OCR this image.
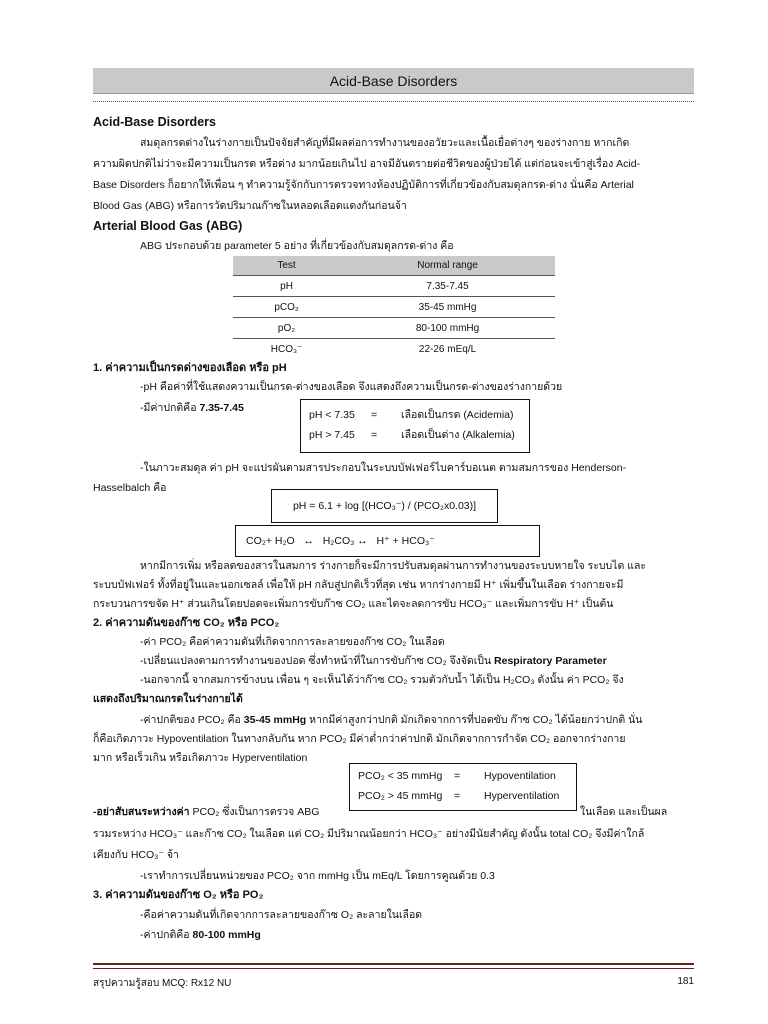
Acid-Base Disorders
Acid-Base Disorders
สมดุลกรดด่างในร่างกายเป็นปัจจัยสำคัญที่มีผลต่อการทำงานของอวัยวะและเนื้อเยื่อต่างๆ ของร่างกาย หากเกิด
ความผิดปกติไม่ว่าจะมีความเป็นกรด หรือด่าง มากน้อยเกินไป อาจมีอันตรายต่อชีวิตของผู้ป่วยได้ แต่ก่อนจะเข้าสู่เรื่อง Acid-
Base Disorders ก็อยากให้เพื่อน ๆ ทำความรู้จักกับการตรวจทางห้องปฏิบัติการที่เกี่ยวข้องกับสมดุลกรด-ด่าง นั่นคือ Arterial
Blood Gas (ABG) หรือการวัดปริมาณก๊าซในหลอดเลือดแดงกันก่อนจ้า
Arterial Blood Gas (ABG)
ABG ประกอบด้วย parameter 5 อย่าง ที่เกี่ยวข้องกับสมดุลกรด-ด่าง คือ
Test	Normal range
pH	7.35-7.45
pCO₂	35-45 mmHg
pO₂	80-100 mmHg
HCO₃⁻	22-26 mEq/L
1. ค่าความเป็นกรดด่างของเลือด หรือ pH
-pH คือค่าที่ใช้แสดงความเป็นกรด-ด่างของเลือด จึงแสดงถึงความเป็นกรด-ด่างของร่างกายด้วย
-มีค่าปกติคือ 7.35-7.45
pH < 7.35	=	เลือดเป็นกรด (Acidemia)
pH > 7.45	=	เลือดเป็นด่าง (Alkalemia)
-ในภาวะสมดุล ค่า pH จะแปรผันตามสารประกอบในระบบบัฟเฟอร์ไบคาร์บอเนต ตามสมการของ Henderson-
Hasselbalch คือ
pH = 6.1 + log [(HCO₃⁻) / (PCO₂x0.03)]
CO₂+ H₂O   ↔   H₂CO₃ ↔   H⁺ + HCO₃⁻
หากมีการเพิ่ม หรือลดของสารในสมการ ร่างกายก็จะมีการปรับสมดุลผ่านการทำงานของระบบหายใจ ระบบไต และ
ระบบบัฟเฟอร์ ทั้งที่อยู่ในและนอกเซลล์ เพื่อให้ pH กลับสู่ปกติเร็วที่สุด เช่น หากร่างกายมี H⁺ เพิ่มขึ้นในเลือด ร่างกายจะมี
กระบวนการขจัด H⁺ ส่วนเกินโดยปอดจะเพิ่มการขับก๊าซ CO₂ และไตจะลดการขับ HCO₃⁻ และเพิ่มการขับ H⁺ เป็นต้น
2. ค่าความดันของก๊าซ CO₂ หรือ PCO₂
-ค่า PCO₂ คือค่าความดันที่เกิดจากการละลายของก๊าซ CO₂ ในเลือด
-เปลี่ยนแปลงตามการทำงานของปอด ซึ่งทำหน้าที่ในการขับก๊าซ CO₂ จึงจัดเป็น Respiratory Parameter
-นอกจากนี้ จากสมการข้างบน เพื่อน ๆ จะเห็นได้ว่าก๊าซ CO₂ รวมตัวกับน้ำ ได้เป็น H₂CO₃ ดังนั้น ค่า PCO₂ จึง
แสดงถึงปริมาณกรดในร่างกายได้
-ค่าปกติของ PCO₂ คือ 35-45 mmHg หากมีค่าสูงกว่าปกติ มักเกิดจากการที่ปอดขับ ก๊าซ CO₂ ได้น้อยกว่าปกติ นั่น
ก็คือเกิดภาวะ Hypoventilation ในทางกลับกัน หาก PCO₂ มีค่าต่ำกว่าค่าปกติ มักเกิดจากการกำจัด CO₂ ออกจากร่างกาย
มาก หรือเร็วเกิน หรือเกิดภาวะ Hyperventilation
PCO₂ < 35 mmHg	=	Hypoventilation
PCO₂ > 45 mmHg	=	Hyperventilation
-อย่าสับสนระหว่างค่า PCO₂ ซึ่งเป็นการตรวจ ABG	ในเลือด และเป็นผล
รวมระหว่าง HCO₃⁻ และก๊าซ CO₂ ในเลือด แต่ CO₂ มีปริมาณน้อยกว่า HCO₃⁻ อย่างมีนัยสำคัญ ดังนั้น total CO₂ จึงมีค่าใกล้
เคียงกับ HCO₃⁻ จ้า
-เราทำการเปลี่ยนหน่วยของ PCO₂ จาก mmHg เป็น mEq/L โดยการคูณด้วย 0.3
3. ค่าความดันของก๊าซ O₂ หรือ PO₂
-คือค่าความดันที่เกิดจากการละลายของก๊าซ O₂ ละลายในเลือด
-ค่าปกติคือ 80-100 mmHg
สรุปความรู้สอบ MCQ: Rx12 NU	181
